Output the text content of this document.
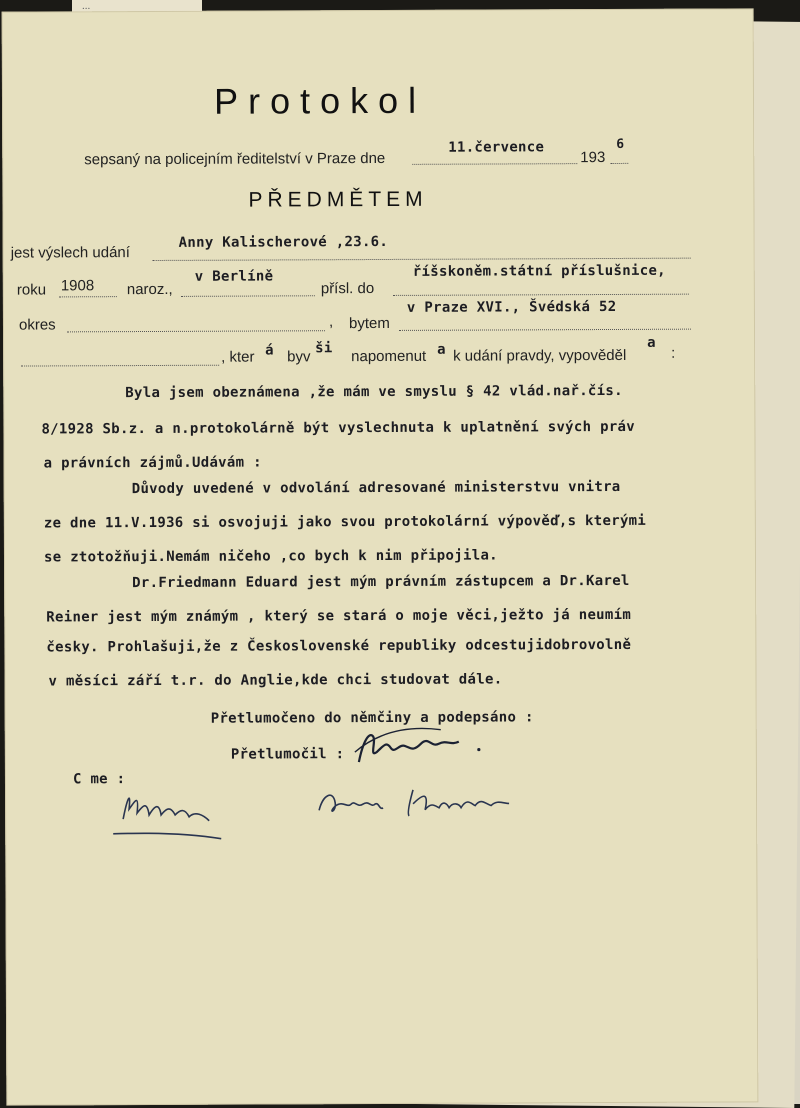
...
Protokol
sepsaný na policejním ředitelství v Praze dne
11.července
193
6
PŘEDMĚTEM
jest výslech udání
Anny Kalischerové ,23.6.
roku 1908 naroz.,
v Berlíně
přísl. do
říšskoněm.státní příslušnice,
okres	, bytem
v Praze XVI., Švédská 52
, kter á byv
ši napomenut a k udání pravdy, vypověděl
a
:
Byla jsem obeznámena ,že mám ve smyslu § 42 vlád.nař.čís.
8/1928 Sb.z. a n.protokolárně být vyslechnuta k uplatnění svých práv
a právních zájmů.Udávám :
Důvody uvedené v odvolání adresované ministerstvu vnitra
ze dne 11.V.1936 si osvojuji jako svou protokolární výpověď,s kterými
se ztotožňuji.Nemám ničeho ,co bych k nim připojila.
Dr.Friedmann Eduard jest mým právním zástupcem a Dr.Karel
Reiner jest mým známým , který se stará o moje věci,ježto já neumím
česky. Prohlašuji,že z Československé republiky odcestujidobrovolně
v měsíci září t.r. do Anglie,kde chci studovat dále.
Přetlumočeno do němčiny a podepsáno :
Přetlumočil :
C me :
